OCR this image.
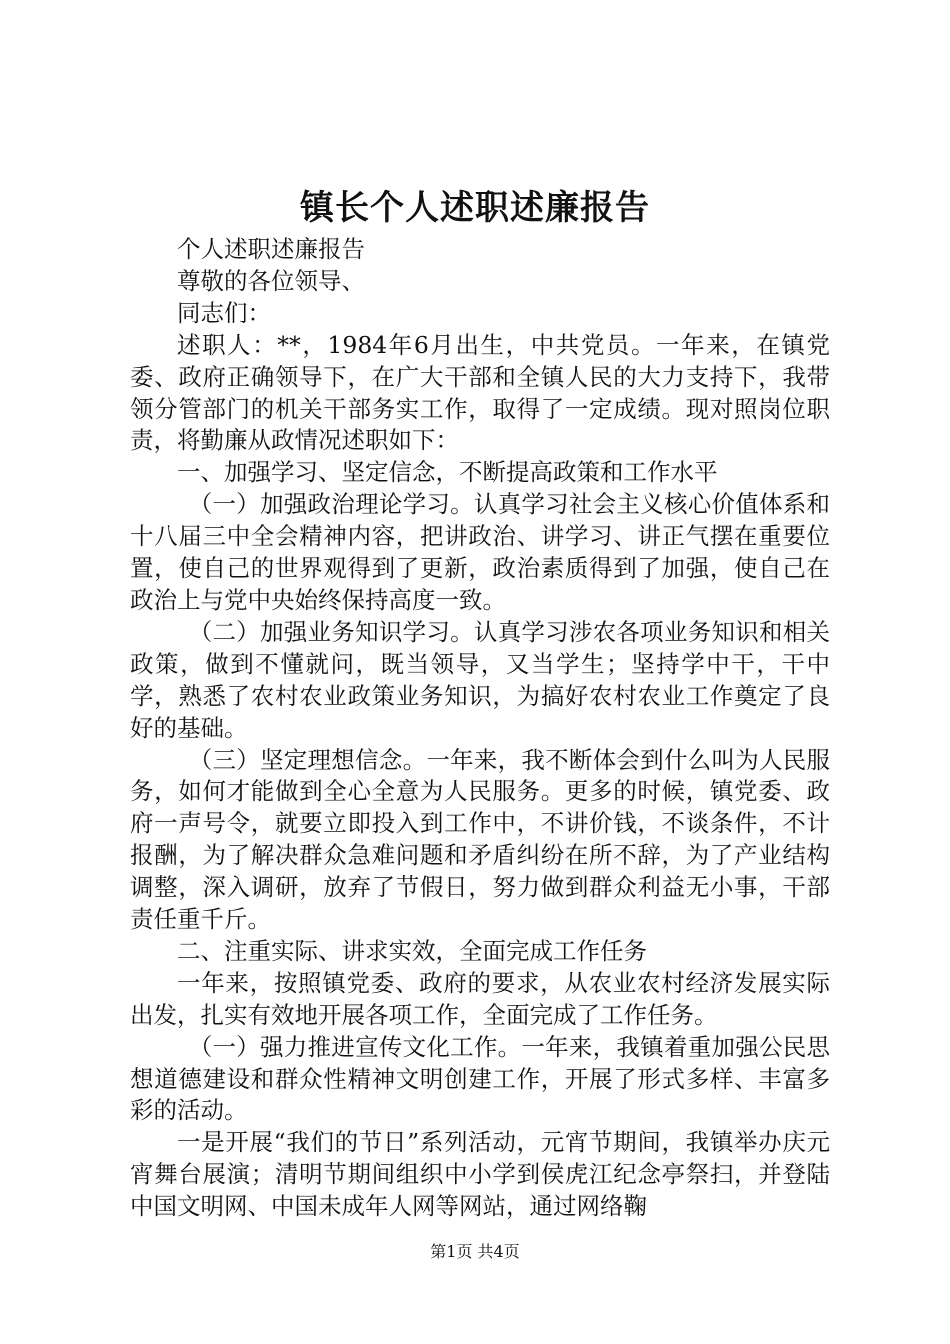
镇长个人述职述廉报告

个人述职述廉报告

尊敬的各位领导、

同志们：

述职人：**，1984年6月出生，中共党员。一年来，在镇党委、政府正确领导下，在广大干部和全镇人民的大力支持下，我带领分管部门的机关干部务实工作，取得了一定成绩。现对照岗位职责，将勤廉从政情况述职如下：

一、加强学习、坚定信念，不断提高政策和工作水平

（一）加强政治理论学习。认真学习社会主义核心价值体系和十八届三中全会精神内容，把讲政治、讲学习、讲正气摆在重要位置，使自己的世界观得到了更新，政治素质得到了加强，使自己在政治上与党中央始终保持高度一致。

（二）加强业务知识学习。认真学习涉农各项业务知识和相关政策，做到不懂就问，既当领导，又当学生；坚持学中干，干中学，熟悉了农村农业政策业务知识，为搞好农村农业工作奠定了良好的基础。

（三）坚定理想信念。一年来，我不断体会到什么叫为人民服务，如何才能做到全心全意为人民服务。更多的时候，镇党委、政府一声号令，就要立即投入到工作中，不讲价钱，不谈条件，不计报酬，为了解决群众急难问题和矛盾纠纷在所不辞，为了产业结构调整，深入调研，放弃了节假日，努力做到群众利益无小事，干部责任重千斤。

二、注重实际、讲求实效，全面完成工作任务

一年来，按照镇党委、政府的要求，从农业农村经济发展实际出发，扎实有效地开展各项工作，全面完成了工作任务。

（一）强力推进宣传文化工作。一年来，我镇着重加强公民思想道德建设和群众性精神文明创建工作，开展了形式多样、丰富多彩的活动。

一是开展“我们的节日”系列活动，元宵节期间，我镇举办庆元宵舞台展演；清明节期间组织中小学到侯虎江纪念亭祭扫，并登陆中国文明网、中国未成年人网等网站，通过网络鞠

第1页 共4页
